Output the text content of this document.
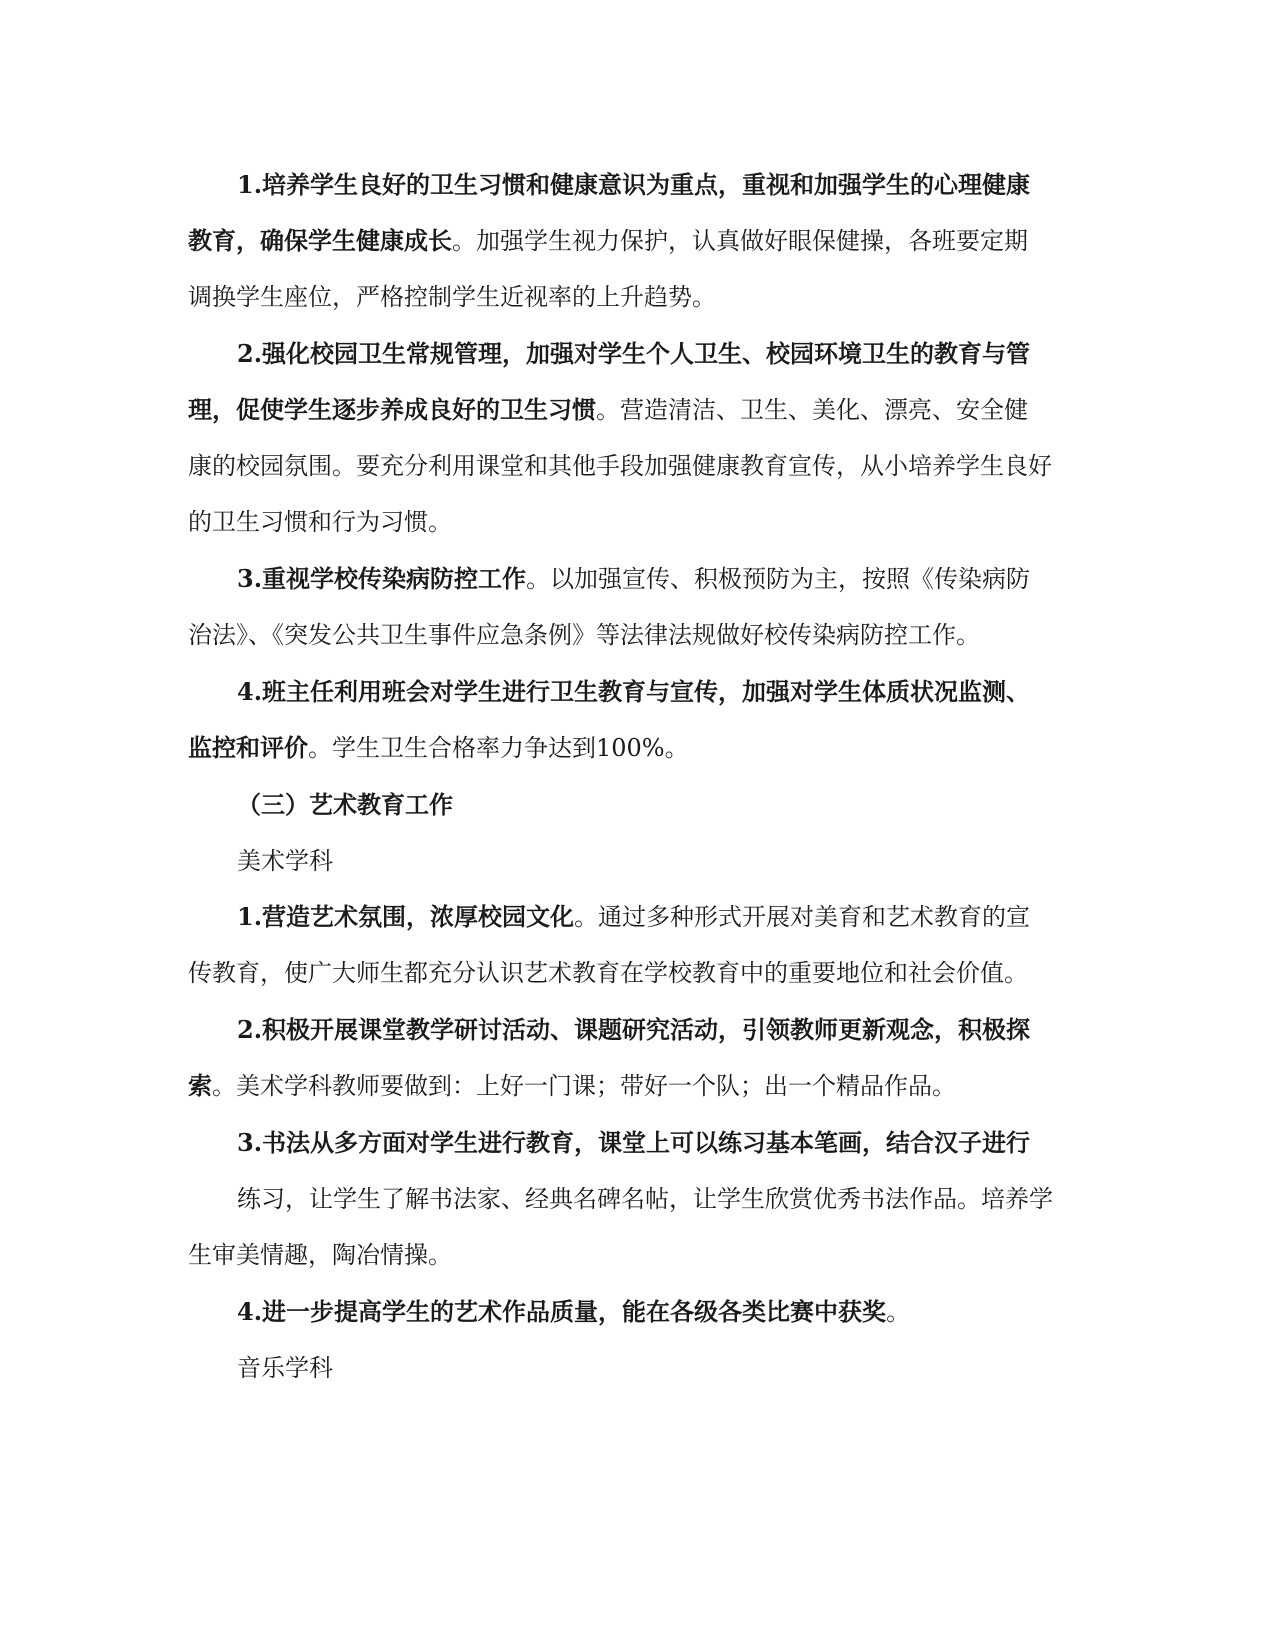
1.培养学生良好的卫生习惯和健康意识为重点，重视和加强学生的心理健康
教育，确保学生健康成长。加强学生视力保护，认真做好眼保健操，各班要定期
调换学生座位，严格控制学生近视率的上升趋势。
2.强化校园卫生常规管理，加强对学生个人卫生、校园环境卫生的教育与管
理，促使学生逐步养成良好的卫生习惯。营造清洁、卫生、美化、漂亮、安全健
康的校园氛围。要充分利用课堂和其他手段加强健康教育宣传，从小培养学生良好
的卫生习惯和行为习惯。
3.重视学校传染病防控工作。以加强宣传、积极预防为主，按照《传染病防
治法》、《突发公共卫生事件应急条例》等法律法规做好校传染病防控工作。
4.班主任利用班会对学生进行卫生教育与宣传，加强对学生体质状况监测、
监控和评价。学生卫生合格率力争达到100%。
（三）艺术教育工作
美术学科
1.营造艺术氛围，浓厚校园文化。通过多种形式开展对美育和艺术教育的宣
传教育，使广大师生都充分认识艺术教育在学校教育中的重要地位和社会价值。
2.积极开展课堂教学研讨活动、课题研究活动，引领教师更新观念，积极探
索。美术学科教师要做到：上好一门课；带好一个队；出一个精品作品。
3.书法从多方面对学生进行教育，课堂上可以练习基本笔画，结合汉子进行
练习，让学生了解书法家、经典名碑名帖，让学生欣赏优秀书法作品。培养学
生审美情趣，陶冶情操。
4.进一步提高学生的艺术作品质量，能在各级各类比赛中获奖。
音乐学科
